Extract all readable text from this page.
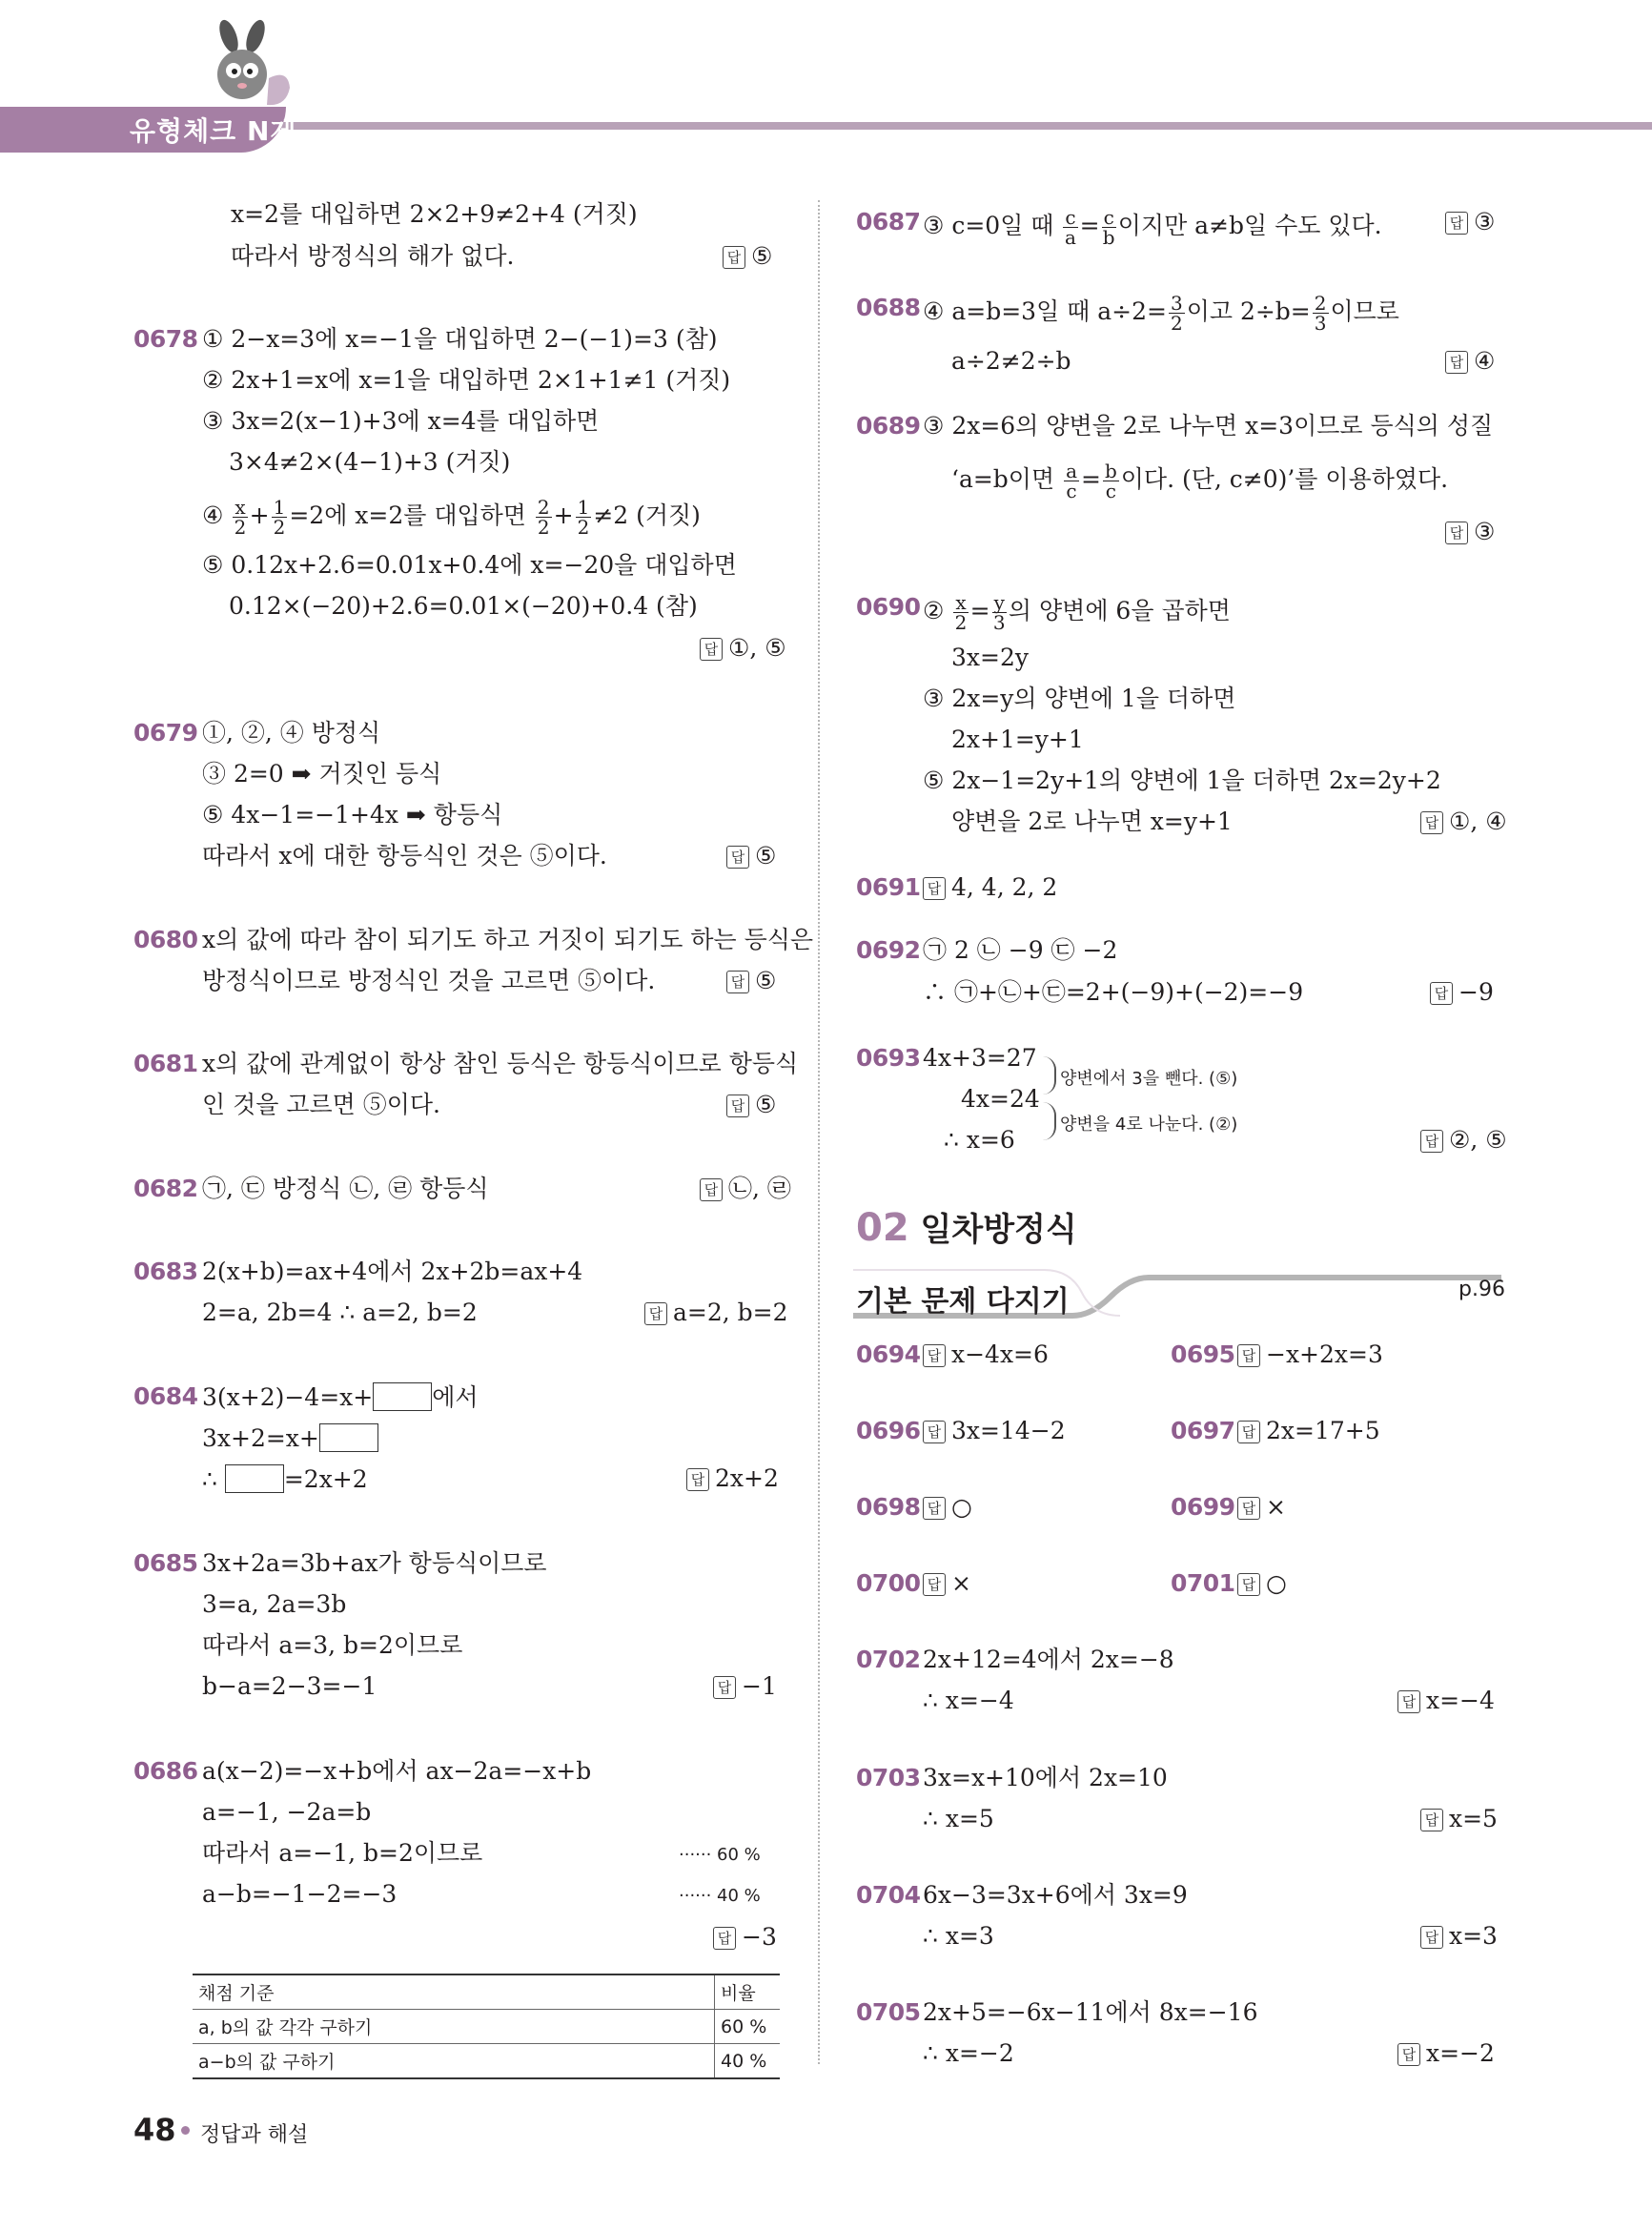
유형체크 N제
x=2를 대입하면 2×2+9≠2+4 (거짓)
따라서 방정식의 해가 없다.	답 ⑤
0678 ① 2−x=3에 x=−1을 대입하면 2−(−1)=3 (참)
② 2x+1=x에 x=1을 대입하면 2×1+1≠1 (거짓)
③ 3x=2(x−1)+3에 x=4를 대입하면
3×4≠2×(4−1)+3 (거짓)
④ $\frac{x}{2} + \frac{1}{2} =2$에 x=2를 대입하면 $\frac{2}{2} + \frac{1}{2} \ne 2$ (거짓)
⑤ 0.12x+2.6=0.01x+0.4에 x=−20을 대입하면
0.12×(−20)+2.6=0.01×(−20)+0.4 (참)
답 ①, ⑤
0679 ①, ②, ④ 방정식
③ 2=0 ➡ 거짓인 등식
⑤ 4x−1=−1+4x ➡ 항등식
따라서 x에 대한 항등식인 것은 ⑤이다.	답 ⑤
0680 x의 값에 따라 참이 되기도 하고 거짓이 되기도 하는 등식은
방정식이므로 방정식인 것을 고르면 ⑤이다.	답 ⑤
0681 x의 값에 관계없이 항상 참인 등식은 항등식이므로 항등식
인 것을 고르면 ⑤이다.	답 ⑤
0682 ㉠, ㉢ 방정식 ㉡, ㉣ 항등식	답 ㉡, ㉣
0683 2(x+b)=ax+4에서 2x+2b=ax+4
2=a, 2b=4 ∴ a=2, b=2	답 a=2, b=2
0684 3(x+2)−4=x+ 에서
3x+2=x+
∴	=2x+2	답 2x+2
0685 3x+2a=3b+ax가 항등식이므로
3=a, 2a=3b
따라서 a=3, b=2이므로
b−a=2−3=−1	답 −1
0686 a(x−2)=−x+b에서 ax−2a=−x+b
a=−1, −2a=b
따라서 a=−1, b=2이므로	······ 60 %
a−b=−1−2=−3	······ 40 %
답 −3
채점 기준	비율
a, b의 값 각각 구하기	60 %
a−b의 값 구하기	40 %
0687 ③ c=0일 때 $\frac{c}{a} = \frac{c}{b}$ 이지만 a≠b일 수도 있다.	답 ③
0688 ④ a=b=3일 때 $a\div 2= \frac{3}{2}$ 이고 $2\div b= \frac{2}{3}$ 이므로
a÷2≠2÷b	답 ④
0689 ③ 2x=6의 양변을 2로 나누면 x=3이므로 등식의 성질
‘a=b이면 $\frac{a}{c} = \frac{b}{c}$ 이다. (단, c≠0)’를 이용하였다.
답 ③
0690 ② $\frac{x}{2} = \frac{y}{3}$ 의 양변에 6을 곱하면
3x=2y
③ 2x=y의 양변에 1을 더하면
2x+1=y+1
⑤ 2x−1=2y+1의 양변에 1을 더하면 2x=2y+2
양변을 2로 나누면 x=y+1	답 ①, ④
0691 답 4, 4, 2, 2
0692 ㉠ 2 ㉡ −9 ㉢ −2
∴ ㉠+㉡+㉢=2+(−9)+(−2)=−9	답 −9
0693 4x+3=27
4x=24
∴ x=6
양변에서 3을 뺀다. (⑤)
양변을 4로 나눈다. (②)
답 ②, ⑤
02 일차방정식
기본 문제 다지기	p.96
0694 답 x−4x=6	0695 답 −x+2x=3
0696 답 3x=14−2	0697 답 2x=17+5
0698 답 ○	0699 답 ×
0700 답 ×	0701 답 ○
0702 2x+12=4에서 2x=−8
∴ x=−4	답 x=−4
0703 3x=x+10에서 2x=10
∴ x=5	답 x=5
0704 6x−3=3x+6에서 3x=9
∴ x=3	답 x=3
0705 2x+5=−6x−11에서 8x=−16
∴ x=−2	답 x=−2
48 정답과 해설
